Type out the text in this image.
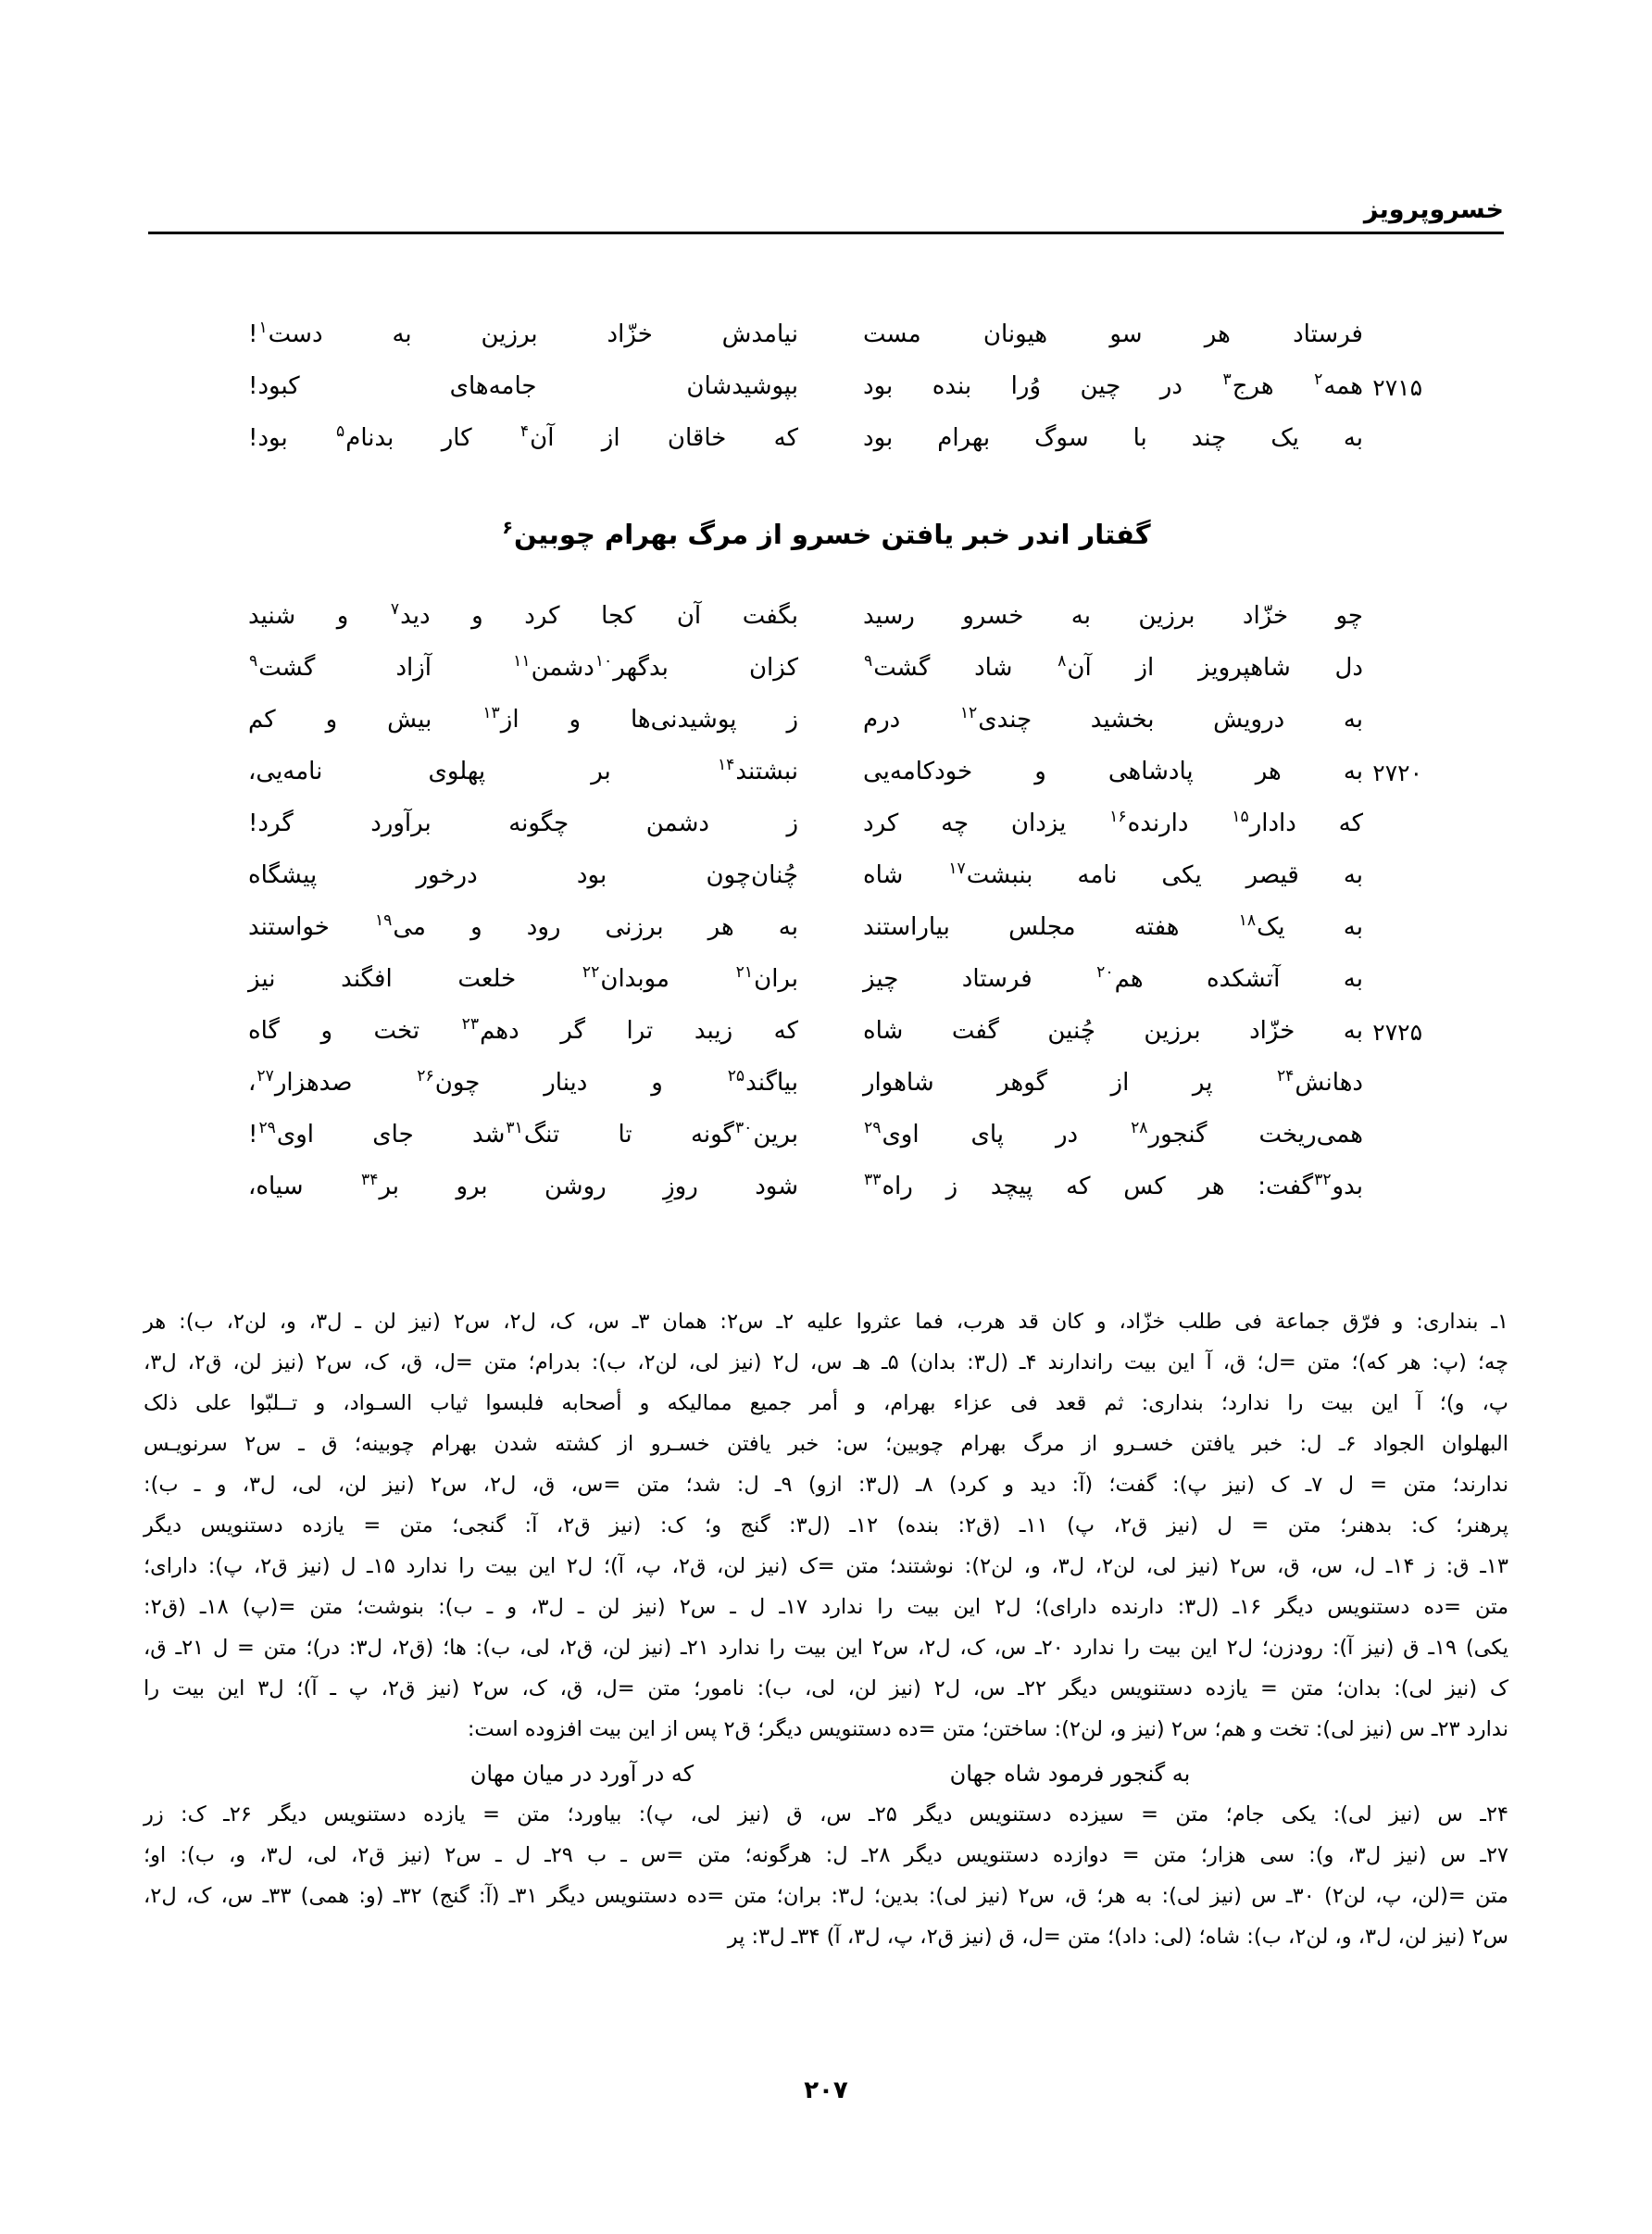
خسروپرویز
فرستاد هر سو هیونان مست
نیامدش خزّاد برزین به دست$^۱$!
۲۷۱۵
همه$^۲$ هرج$^۳$ در چین وُرا بنده بود
بپوشیدشان جامه‌های کبود!
به یک چند با سوگ بهرام بود
که خاقان از آن$^۴$ کار بدنام$^۵$ بود!
گفتار اندر خبر یافتن خسرو از مرگ بهرام چوبین$^۶$
چو خزّاد برزین به خسرو رسید
بگفت آن کجا کرد و دید$^۷$ و شنید
دل شاهپرویز از آن$^۸$ شاد گشت$^۹$
کزان بدگهر$^{۱۰}$دشمن$^{۱۱}$ آزاد گشت$^۹$
به درویش بخشید چندی$^{۱۲}$ درم
ز پوشیدنی‌ها و از$^{۱۳}$ بیش و کم
۲۷۲۰
به هر پادشاهی و خودکامه‌یی
نبشتند$^{۱۴}$ بر پهلوی نامه‌یی،
که دادار$^{۱۵}$ دارنده$^{۱۶}$ یزدان چه کرد
ز دشمن چگونه برآورد گرد!
به قیصر یکی نامه بنبشت$^{۱۷}$ شاه
چُنان‌چون بود درخور پیشگاه
به یک$^{۱۸}$ هفته مجلس بیاراستند
به هر برزنی رود و می$^{۱۹}$ خواستند
به آتشکده هم$^{۲۰}$ فرستاد چیز
بران$^{۲۱}$ موبدان$^{۲۲}$ خلعت افگند نیز
۲۷۲۵
به خزّاد برزین چُنین گفت شاه
که زیبد ترا گر دهم$^{۲۳}$ تخت و گاه
دهانش$^{۲۴}$ پر از گوهر شاهوار
بیاگند$^{۲۵}$ و دینار چون$^{۲۶}$ صدهزار$^{۲۷}$،
همی‌ریخت گنجور$^{۲۸}$ در پای اوی$^{۲۹}$
برین$^{۳۰}$گونه تا تنگ$^{۳۱}$شد جای اوی$^{۲۹}$!
بدو$^{۳۲}$گفت: هر کس که پیچد ز راه$^{۳۳}$
شود روزِ روشن برو بر$^{۳۴}$ سیاه،
۱ـ بنداری: و فرّق جماعة فی طلب خزّاد، و کان قد هرب، فما عثروا علیه ۲ـ س۲: همان ۳ـ س، ک، ل۲، س۲ (نیز لن ـ ل۳، و، لن۲، ب): هر
چه؛ (پ: هر که)؛ متن =ل؛ ق، آ این بیت راندارند ۴ـ (ل۳: بدان) ۵ـ هـ س، ل۲ (نیز لی، لن۲، ب): بدرام؛ متن =ل، ق، ک، س۲ (نیز لن، ق۲، ل۳،
پ، و)؛ آ این بیت را ندارد؛ بنداری: ثم قعد فی عزاء بهرام، و أمر جمیع ممالیکه و أصحابه فلبسوا ثیاب السـواد، و تــلبّوا علی ذلک
البهلوان الجواد ۶ـ ل: خبر یافتن خسـرو از مرگ بهرام چوبین؛ س: خبر یافتن خسـرو از کشته شدن بهرام چوبینه؛ ق ـ س۲ سرنویـس
ندارند؛ متن = ل ۷ـ ک (نیز پ): گفت؛ (آ: دید و کرد) ۸ـ (ل۳: ازو) ۹ـ ل: شد؛ متن =س، ق، ل۲، س۲ (نیز لن، لی، ل۳، و ـ ب):
پرهنر؛ ک: بدهنر؛ متن = ل (نیز ق۲، پ) ۱۱ـ (ق۲: بنده) ۱۲ـ (ل۳: گنج و؛ ک: (نیز ق۲، آ: گنجی؛ متن = یازده دستنویس دیگر
۱۳ـ ق: ز ۱۴ـ ل، س، ق، س۲ (نیز لی، لن۲، ل۳، و، لن۲): نوشتند؛ متن =ک (نیز لن، ق۲، پ، آ)؛ ل۲ این بیت را ندارد ۱۵ـ ل (نیز ق۲، پ): دارای؛
متن =ده دستنویس دیگر ۱۶ـ (ل۳: دارنده دارای)؛ ل۲ این بیت را ندارد ۱۷ـ ل ـ س۲ (نیز لن ـ ل۳، و ـ ب): بنوشت؛ متن =(پ) ۱۸ـ (ق۲:
یکی) ۱۹ـ ق (نیز آ): رودزن؛ ل۲ این بیت را ندارد ۲۰ـ س، ک، ل۲، س۲ این بیت را ندارد ۲۱ـ (نیز لن، ق۲، لی، ب): ها؛ (ق۲، ل۳: در)؛ متن = ل ۲۱ـ ق،
ک (نیز لی): بدان؛ متن = یازده دستنویس دیگر ۲۲ـ س، ل۲ (نیز لن، لی، ب): نامور؛ متن =ل، ق، ک، س۲ (نیز ق۲، پ ـ آ)؛ ل۳ این بیت را
ندارد ۲۳ـ س (نیز لی): تخت و هم؛ س۲ (نیز و، لن۲): ساختن؛ متن =ده دستنویس دیگر؛ ق۲ پس از این بیت افزوده است:
به گنجور فرمود شاه جهان
که در آورد در میان مهان
۲۴ـ س (نیز لی): یکی جام؛ متن = سیزده دستنویس دیگر ۲۵ـ س، ق (نیز لی، پ): بیاورد؛ متن = یازده دستنویس دیگر ۲۶ـ ک: زر
۲۷ـ س (نیز ل۳، و): سی هزار؛ متن = دوازده دستنویس دیگر ۲۸ـ ل: هرگونه؛ متن =س ـ ب ۲۹ـ ل ـ س۲ (نیز ق۲، لی، ل۳، و، ب): او؛
متن =(لن، پ، لن۲) ۳۰ـ س (نیز لی): به هر؛ ق، س۲ (نیز لی): بدین؛ ل۳: بران؛ متن =ده دستنویس دیگر ۳۱ـ (آ: گنج) ۳۲ـ (و: همی) ۳۳ـ س، ک، ل۲،
س۲ (نیز لن، ل۳، و، لن۲، ب): شاه؛ (لی: داد)؛ متن =ل، ق (نیز ق۲، پ، ل۳، آ) ۳۴ـ ل۳: پر
۲۰۷
